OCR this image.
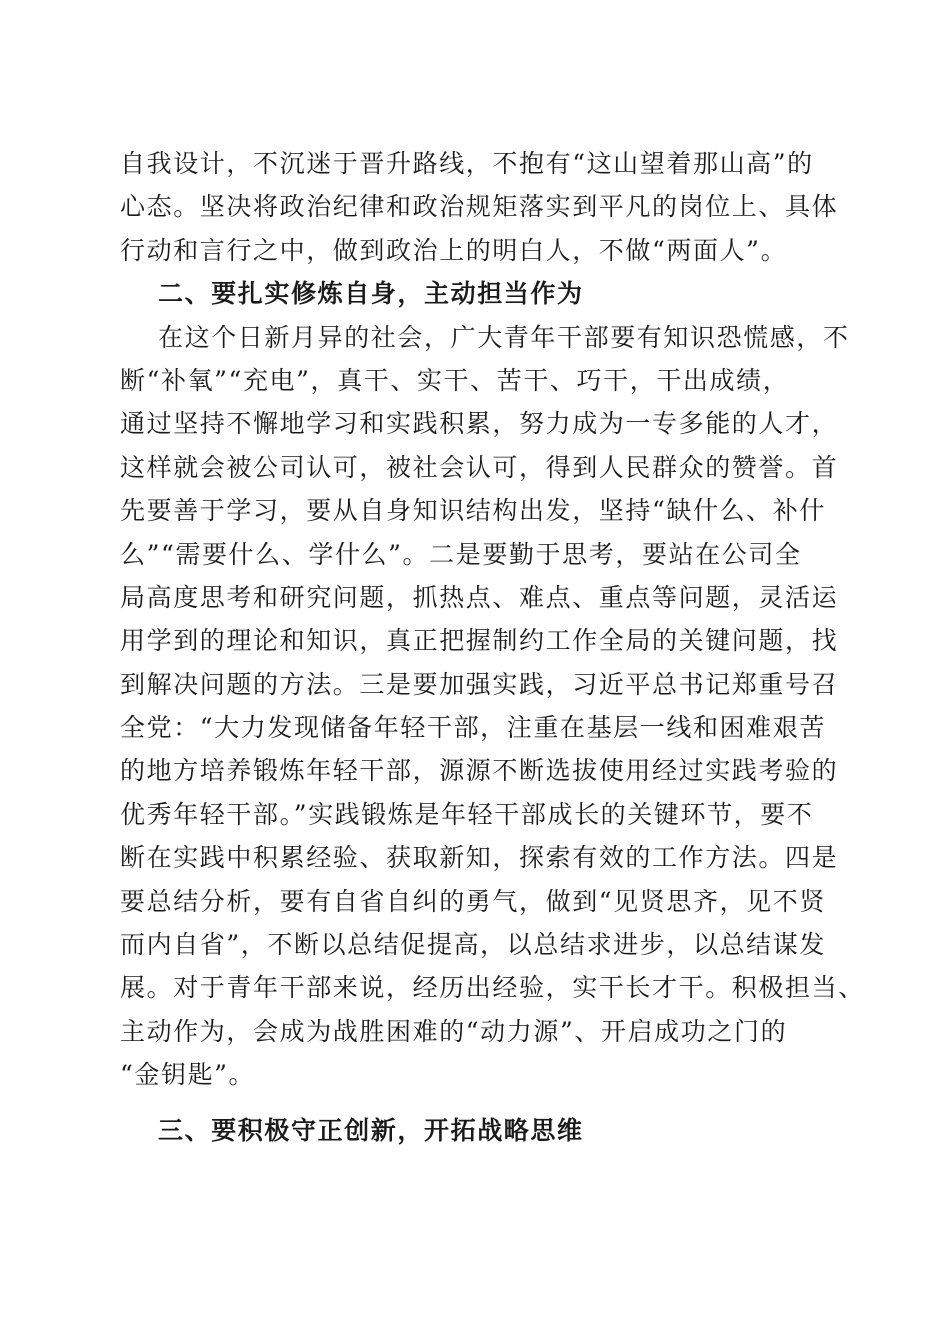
自我设计，不沉迷于晋升路线，不抱有“这山望着那山高”的
心态。坚决将政治纪律和政治规矩落实到平凡的岗位上、具体
行动和言行之中，做到政治上的明白人，不做“两面人”。
二、要扎实修炼自身，主动担当作为
在这个日新月异的社会，广大青年干部要有知识恐慌感，不
断“补氧”“充电”，真干、实干、苦干、巧干，干出成绩，
通过坚持不懈地学习和实践积累，努力成为一专多能的人才，
这样就会被公司认可，被社会认可，得到人民群众的赞誉。首
先要善于学习，要从自身知识结构出发，坚持“缺什么、补什
么”“需要什么、学什么”。二是要勤于思考，要站在公司全
局高度思考和研究问题，抓热点、难点、重点等问题，灵活运
用学到的理论和知识，真正把握制约工作全局的关键问题，找
到解决问题的方法。三是要加强实践，习近平总书记郑重号召
全党：“大力发现储备年轻干部，注重在基层一线和困难艰苦
的地方培养锻炼年轻干部，源源不断选拔使用经过实践考验的
优秀年轻干部。”实践锻炼是年轻干部成长的关键环节，要不
断在实践中积累经验、获取新知，探索有效的工作方法。四是
要总结分析，要有自省自纠的勇气，做到“见贤思齐，见不贤
而内自省”，不断以总结促提高，以总结求进步，以总结谋发
展。对于青年干部来说，经历出经验，实干长才干。积极担当、
主动作为，会成为战胜困难的“动力源”、开启成功之门的
“金钥匙”。
三、要积极守正创新，开拓战略思维
